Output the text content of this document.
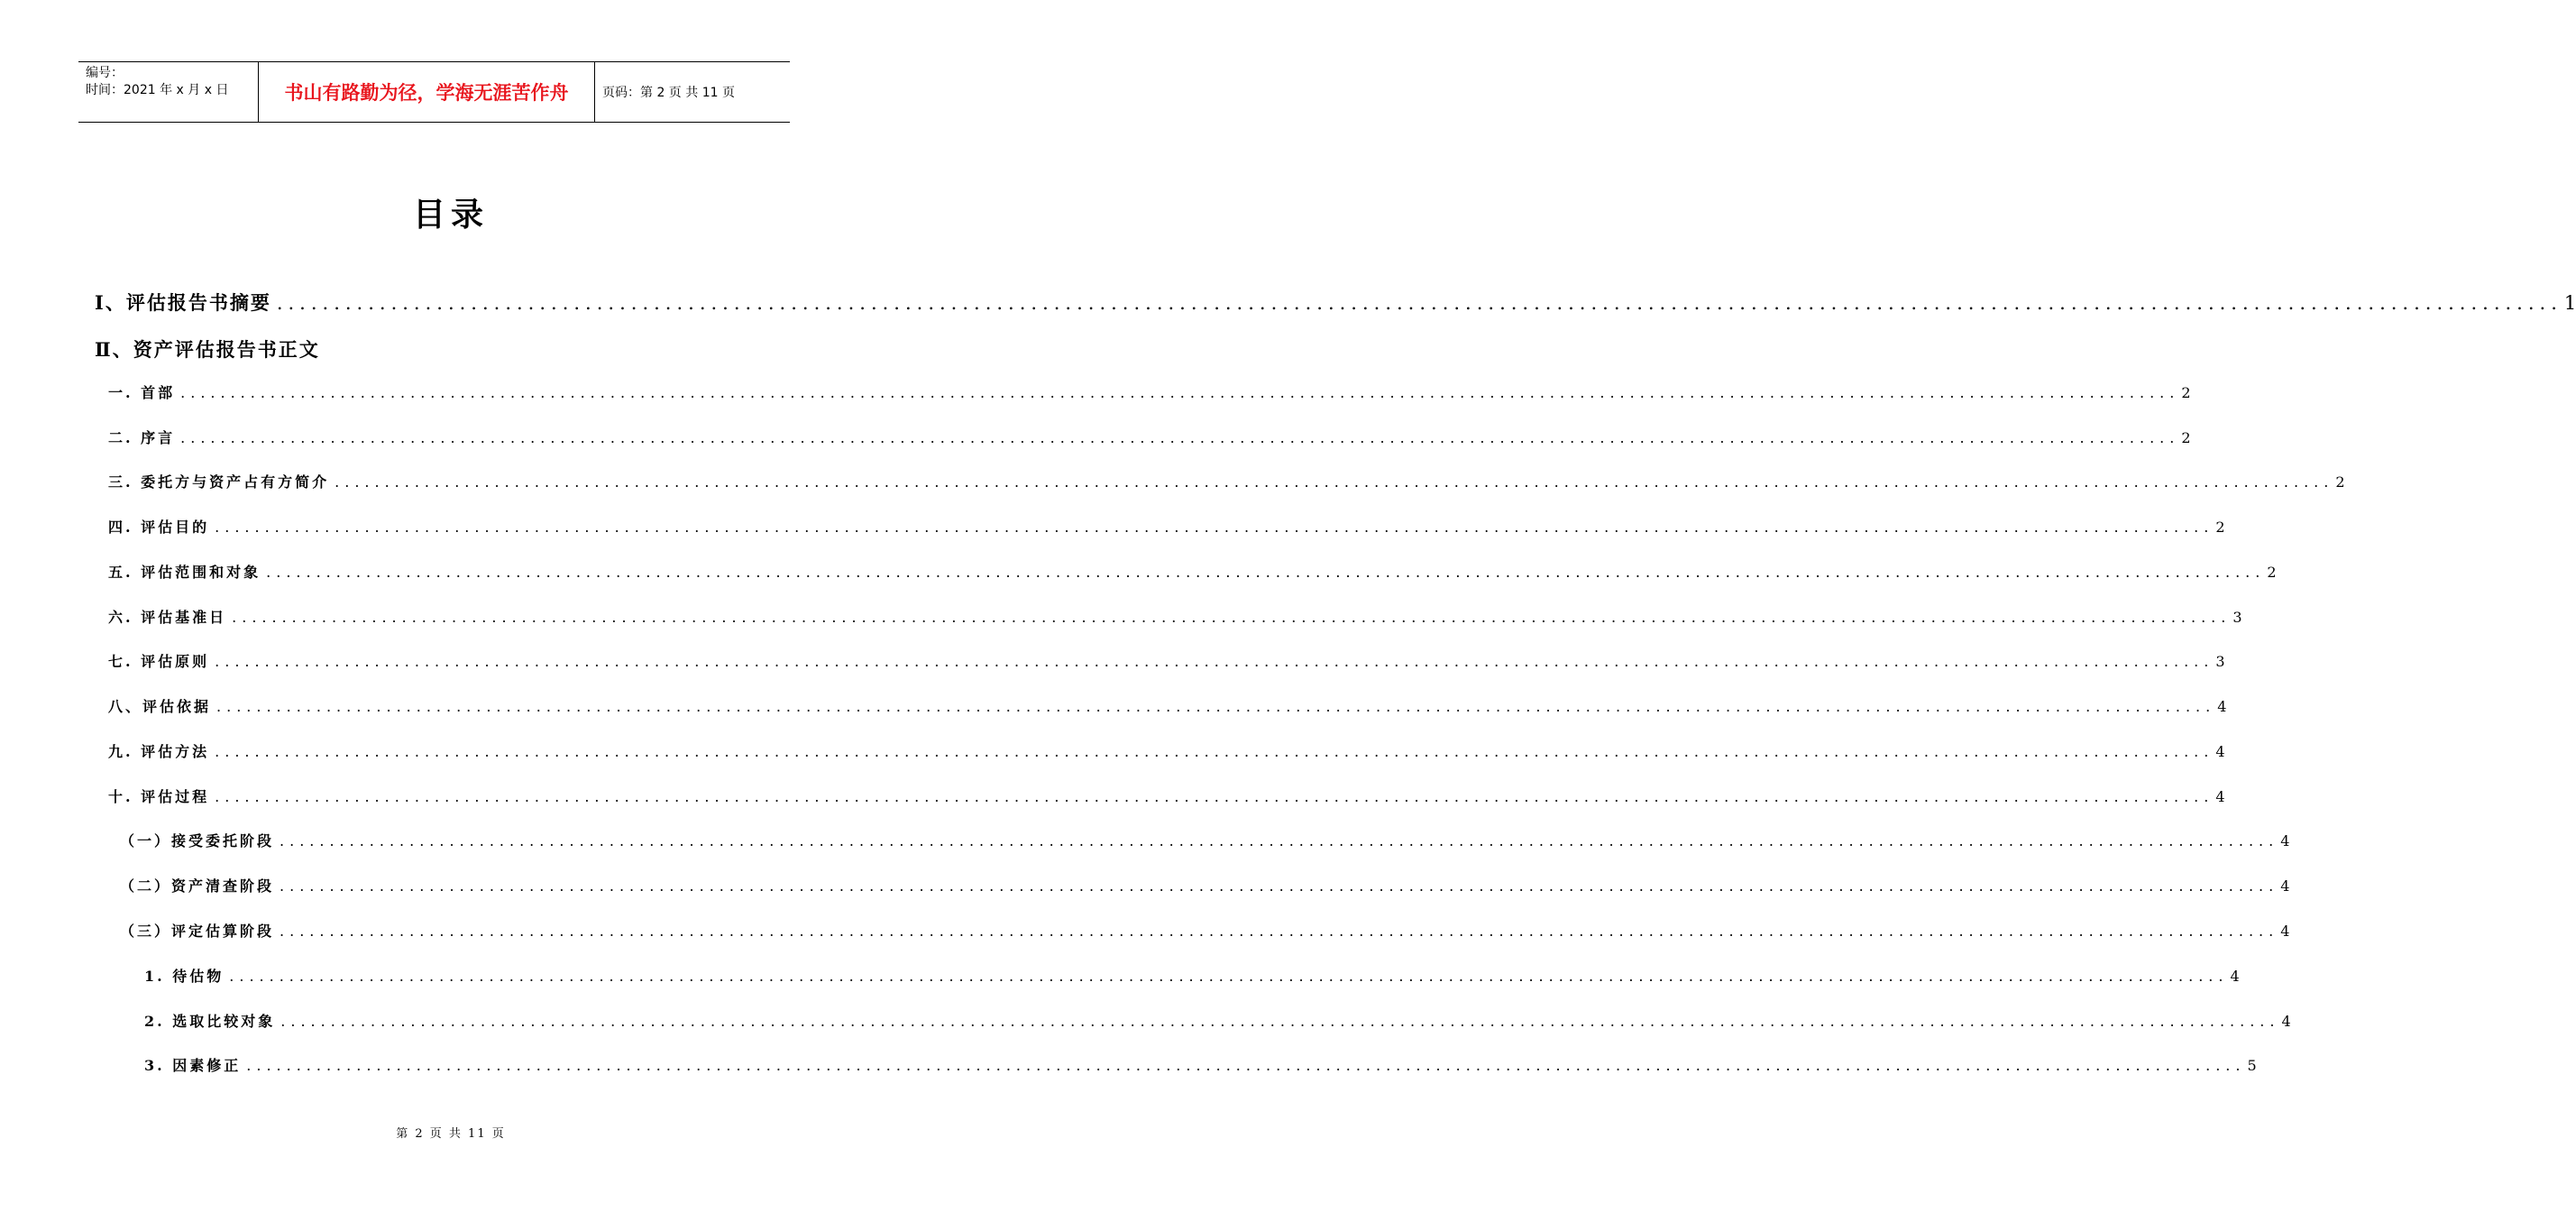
编号：
时间：2021 年 x 月 x 日	书山有路勤为径，学海无涯苦作舟	页码：第 2 页 共 11 页
目录
Ⅰ、评估报告书摘要 ........................................................................................................................................................................................................ 1
Ⅱ、资产评估报告书正文
一. 首部 ........................................................................................................................................................................................................ 2
二. 序言 ........................................................................................................................................................................................................ 2
三. 委托方与资产占有方简介 ........................................................................................................................................................................................................ 2
四. 评估目的 ........................................................................................................................................................................................................ 2
五. 评估范围和对象 ........................................................................................................................................................................................................ 2
六. 评估基准日 ........................................................................................................................................................................................................ 3
七. 评估原则 ........................................................................................................................................................................................................ 3
八、评估依据 ........................................................................................................................................................................................................ 4
九. 评估方法 ........................................................................................................................................................................................................ 4
十. 评估过程 ........................................................................................................................................................................................................ 4
（一）接受委托阶段 ........................................................................................................................................................................................................ 4
（二）资产清查阶段 ........................................................................................................................................................................................................ 4
（三）评定估算阶段 ........................................................................................................................................................................................................ 4
1. 待估物 ........................................................................................................................................................................................................ 4
2. 选取比较对象 ........................................................................................................................................................................................................ 4
3. 因素修正 ........................................................................................................................................................................................................ 5
第 2 页 共 11 页
